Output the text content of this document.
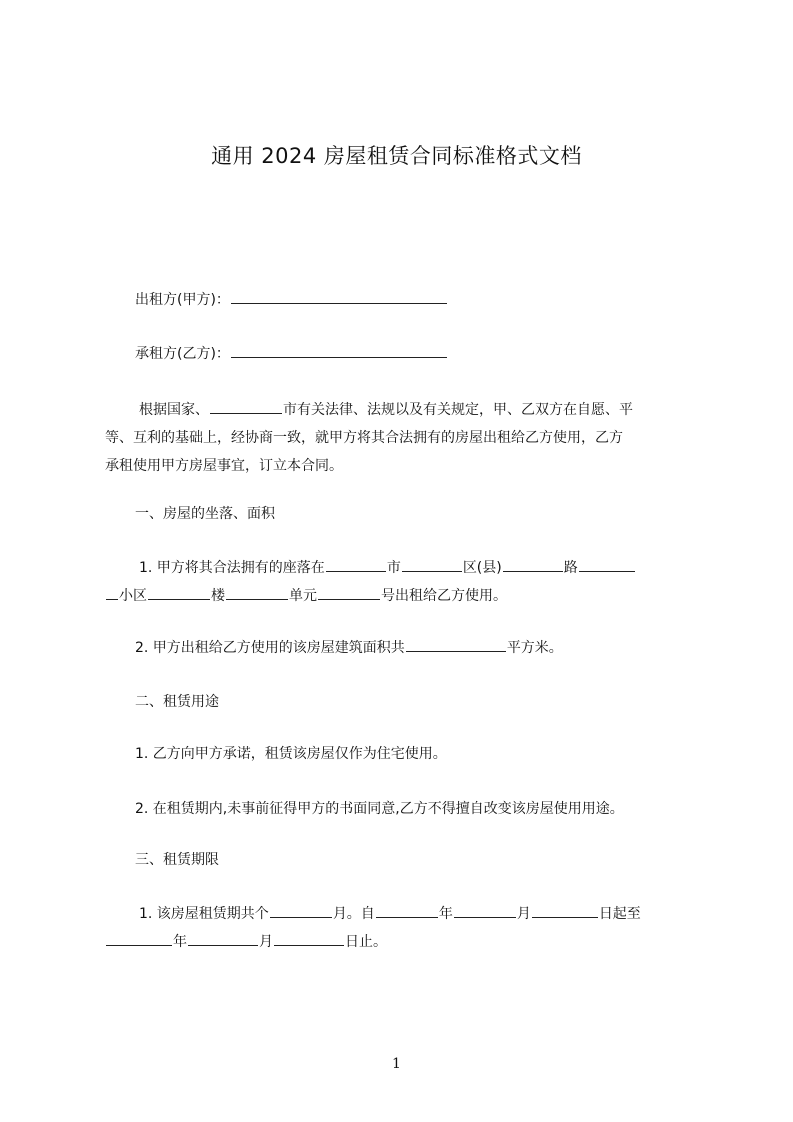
通用 2024 房屋租赁合同标准格式文档
出租方(甲方)：
承租方(乙方)：
根据国家、	市有关法律、法规以及有关规定，甲、乙双方在自愿、平
等、互利的基础上，经协商一致，就甲方将其合法拥有的房屋出租给乙方使用，乙方
承租使用甲方房屋事宜，订立本合同。
一、房屋的坐落、面积
1. 甲方将其合法拥有的座落在	市	区(县)	路
小区	楼	单元	号出租给乙方使用。
2. 甲方出租给乙方使用的该房屋建筑面积共	平方米。
二、租赁用途
1. 乙方向甲方承诺，租赁该房屋仅作为住宅使用。
2. 在租赁期内,未事前征得甲方的书面同意,乙方不得擅自改变该房屋使用用途。
三、租赁期限
1. 该房屋租赁期共个	月。自	年	月	日起至
年	月	日止。
1
